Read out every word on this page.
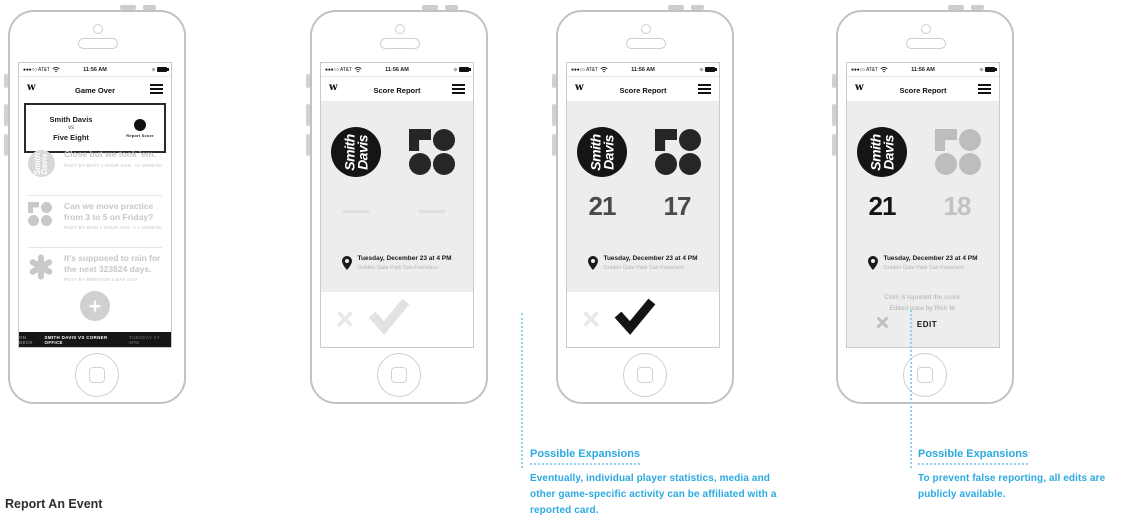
●●●○○ AT&T	11:56 AM
w	Game Over
Smith Davis
vs
Five Eight	Report Score
Smith
Davis Close but we took 'em.
POST BY MATT 1 HOUR AGO +1 UNREAD
Can we move practice from 3 to 5 on Friday?
POST BY RICH 1 HOUR AGO + 1 UNREAD
It's supposed to rain for the next 323824 days.
POST BY BRENTON 1 DAY AGO
+
ON DECK
SMITH DAVIS VS CORNER OFFICE
TUESDAY AT 8PM
●●●○○ AT&T	11:56 AM
w	Score Report
Smith
Davis
Tuesday, December 23 at 4 PM
Golden Gate Park San Francisco
●●●○○ AT&T	11:56 AM
w	Score Report
Smith
Davis
21	17
Tuesday, December 23 at 4 PM
Golden Gate Park San Francisco
●●●○○ AT&T	11:56 AM
w	Score Report
Smith
Davis
21	18
Tuesday, December 23 at 4 PM
Golden Gate Park San Francisco
Colin S reported the score.
Edited once by Rich M.
EDIT
Possible Expansions
Eventually, individual player statistics, media and other game-specific activity can be affiliated with a reported card.
Possible Expansions
To prevent false reporting, all edits are publicly available.
Report An Event
